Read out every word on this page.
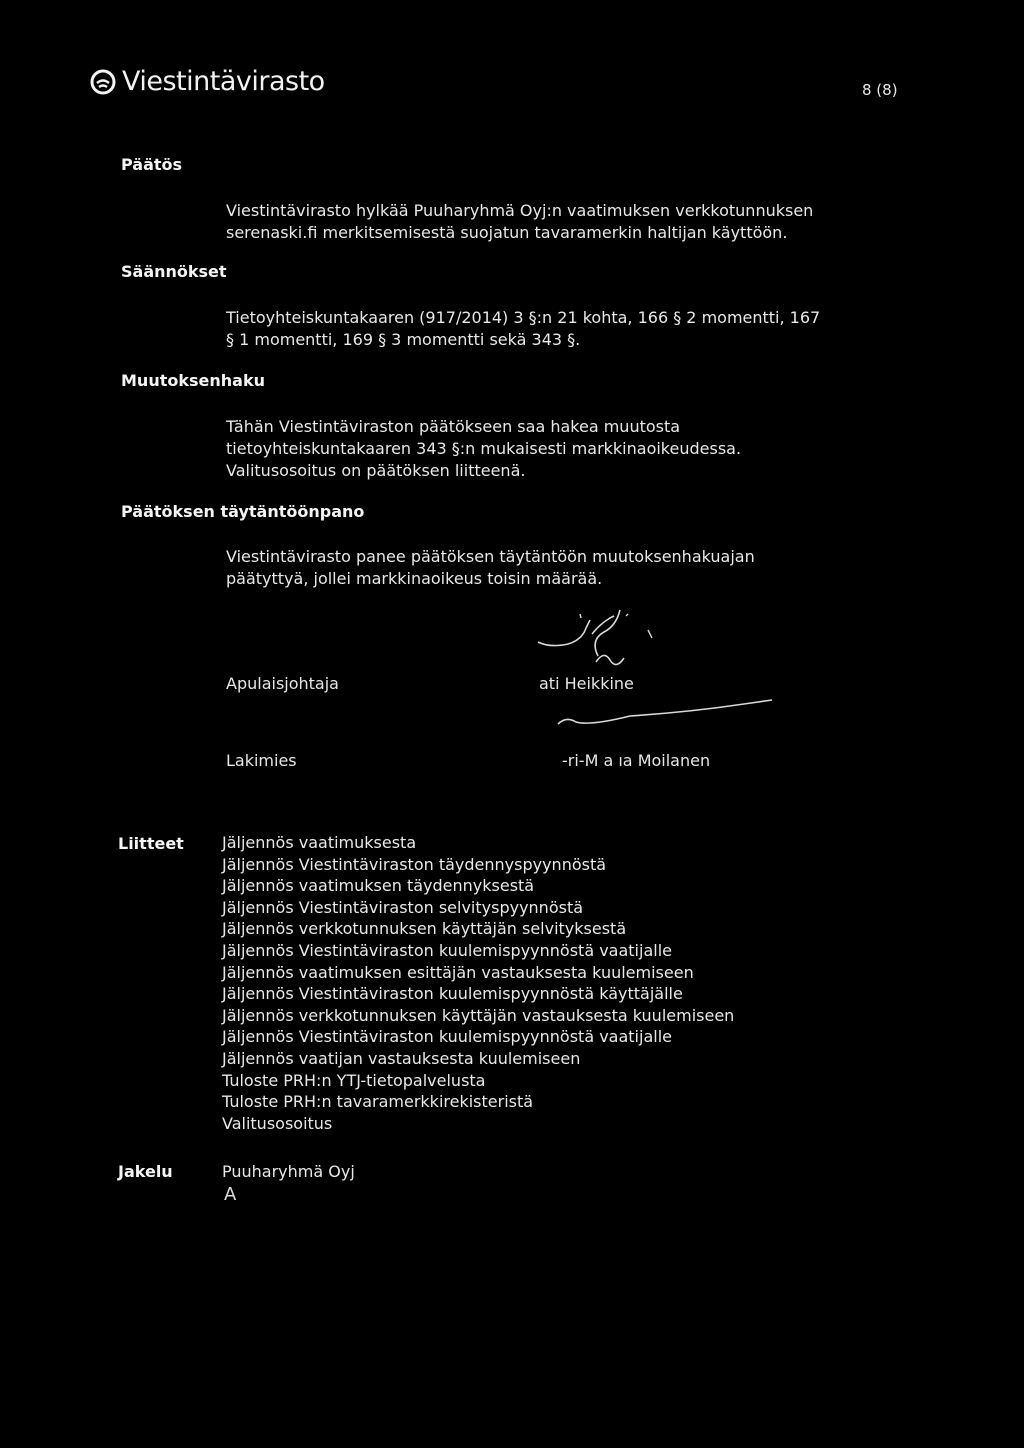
Viestintävirasto	8 (8)
Päätös
Viestintävirasto hylkää Puuharyhmä Oyj:n vaatimuksen verkkotunnuksen
serenaski.fi merkitsemisestä suojatun tavaramerkin haltijan käyttöön.
Säännökset
Tietoyhteiskuntakaaren (917/2014) 3 §:n 21 kohta, 166 § 2 momentti, 167
§ 1 momentti, 169 § 3 momentti sekä 343 §.
Muutoksenhaku
Tähän Viestintäviraston päätökseen saa hakea muutosta
tietoyhteiskuntakaaren 343 §:n mukaisesti markkinaoikeudessa.
Valitusosoitus on päätöksen liitteenä.
Päätöksen täytäntöönpano
Viestintävirasto panee päätöksen täytäntöön muutoksenhakuajan
päätyttyä, jollei markkinaoikeus toisin määrää.
Apulaisjohtaja	ati Heikkine
Lakimies	-ri-M a ıa Moilanen
Liitteet Jäljennös vaatimuksesta
Jäljennös Viestintäviraston täydennyspyynnöstä
Jäljennös vaatimuksen täydennyksestä
Jäljennös Viestintäviraston selvityspyynnöstä
Jäljennös verkkotunnuksen käyttäjän selvityksestä
Jäljennös Viestintäviraston kuulemispyynnöstä vaatijalle
Jäljennös vaatimuksen esittäjän vastauksesta kuulemiseen
Jäljennös Viestintäviraston kuulemispyynnöstä käyttäjälle
Jäljennös verkkotunnuksen käyttäjän vastauksesta kuulemiseen
Jäljennös Viestintäviraston kuulemispyynnöstä vaatijalle
Jäljennös vaatijan vastauksesta kuulemiseen
Tuloste PRH:n YTJ-tietopalvelusta
Tuloste PRH:n tavaramerkkirekisteristä
Valitusosoitus
Jakelu	Puuharyhmä Oyj
A
